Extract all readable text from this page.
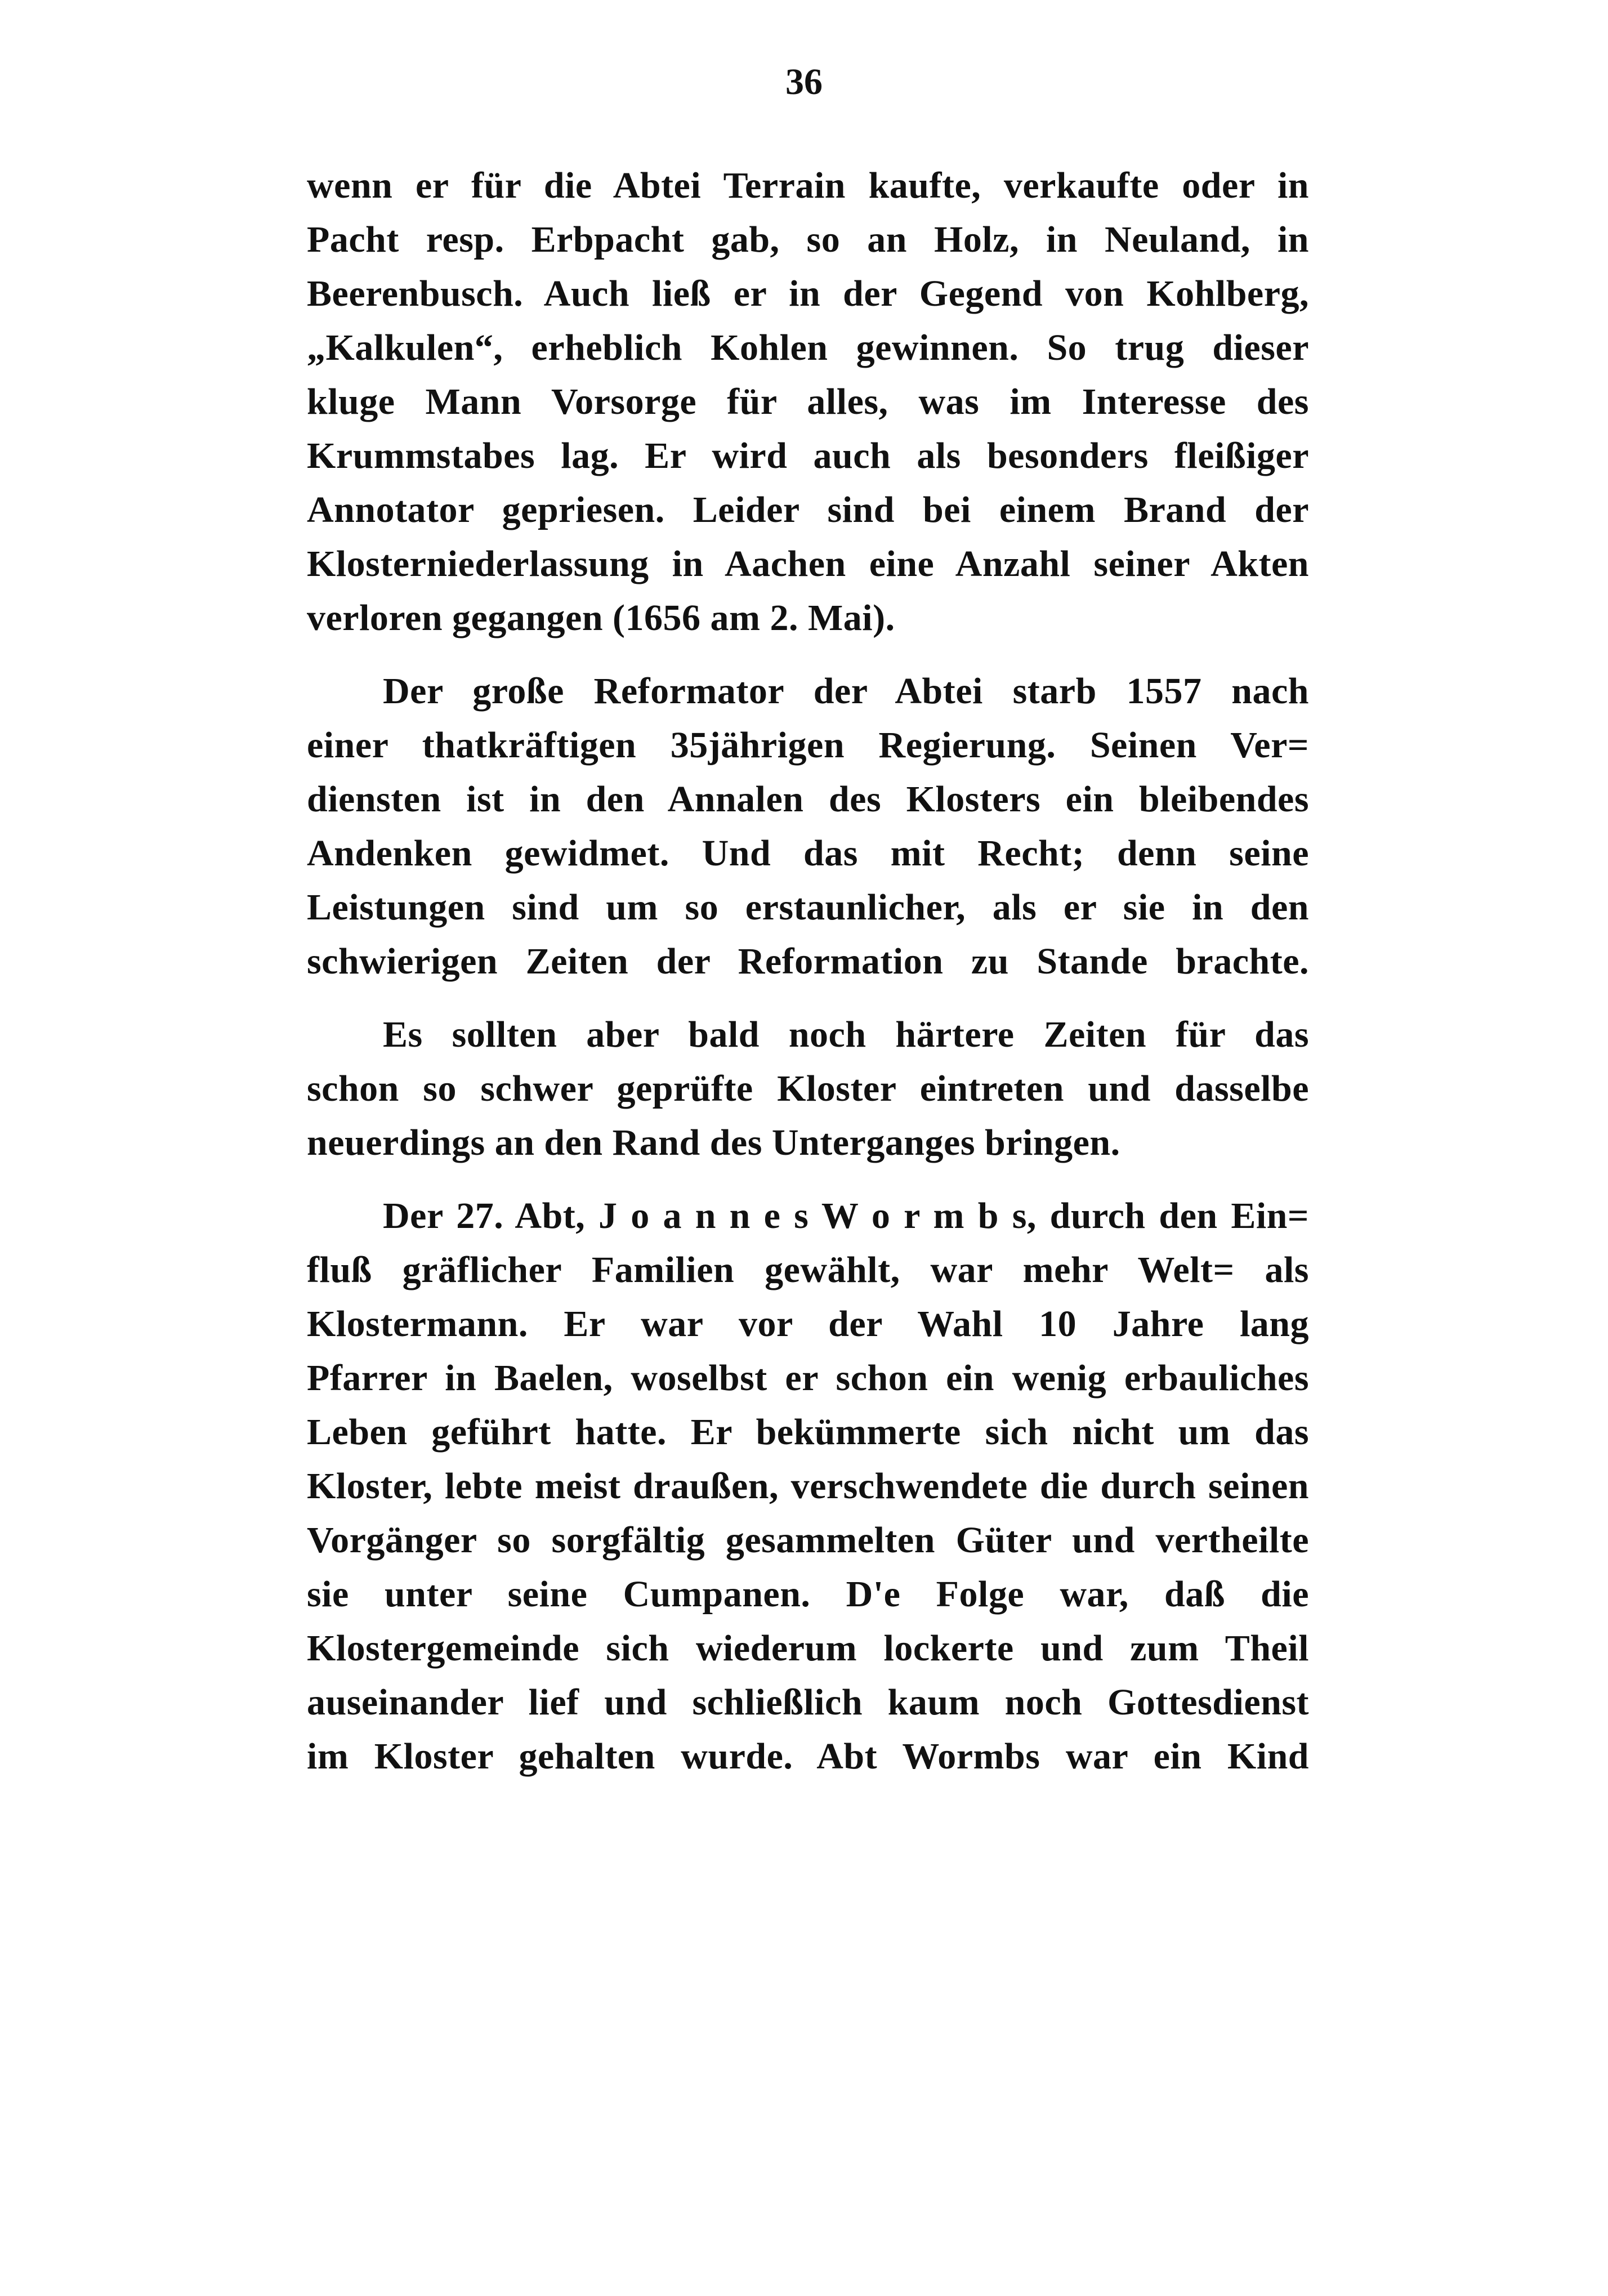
36
wenn er für die Abtei Terrain kaufte, verkaufte oder in
Pacht resp. Erbpacht gab, so an Holz, in Neuland, in
Beerenbusch. Auch ließ er in der Gegend von Kohlberg,
„Kalkulen“, erheblich Kohlen gewinnen. So trug dieser
kluge Mann Vorsorge für alles, was im Interesse des
Krummstabes lag. Er wird auch als besonders fleißiger
Annotator gepriesen. Leider sind bei einem Brand der
Klosterniederlassung in Aachen eine Anzahl seiner Akten
verloren gegangen (1656 am 2. Mai).
Der große Reformator der Abtei starb 1557 nach
einer thatkräftigen 35jährigen Regierung. Seinen Ver=
diensten ist in den Annalen des Klosters ein bleibendes
Andenken gewidmet. Und das mit Recht; denn seine
Leistungen sind um so erstaunlicher, als er sie in den
schwierigen Zeiten der Reformation zu Stande brachte.
Es sollten aber bald noch härtere Zeiten für das
schon so schwer geprüfte Kloster eintreten und dasselbe
neuerdings an den Rand des Unterganges bringen.
Der 27. Abt, J o a n n e s W o r m b s, durch den Ein=
fluß gräflicher Familien gewählt, war mehr Welt= als
Klostermann. Er war vor der Wahl 10 Jahre lang
Pfarrer in Baelen, woselbst er schon ein wenig erbauliches
Leben geführt hatte. Er bekümmerte sich nicht um das
Kloster, lebte meist draußen, verschwendete die durch seinen
Vorgänger so sorgfältig gesammelten Güter und vertheilte
sie unter seine Cumpanen. D'e Folge war, daß die
Klostergemeinde sich wiederum lockerte und zum Theil
auseinander lief und schließlich kaum noch Gottesdienst
im Kloster gehalten wurde. Abt Wormbs war ein Kind
